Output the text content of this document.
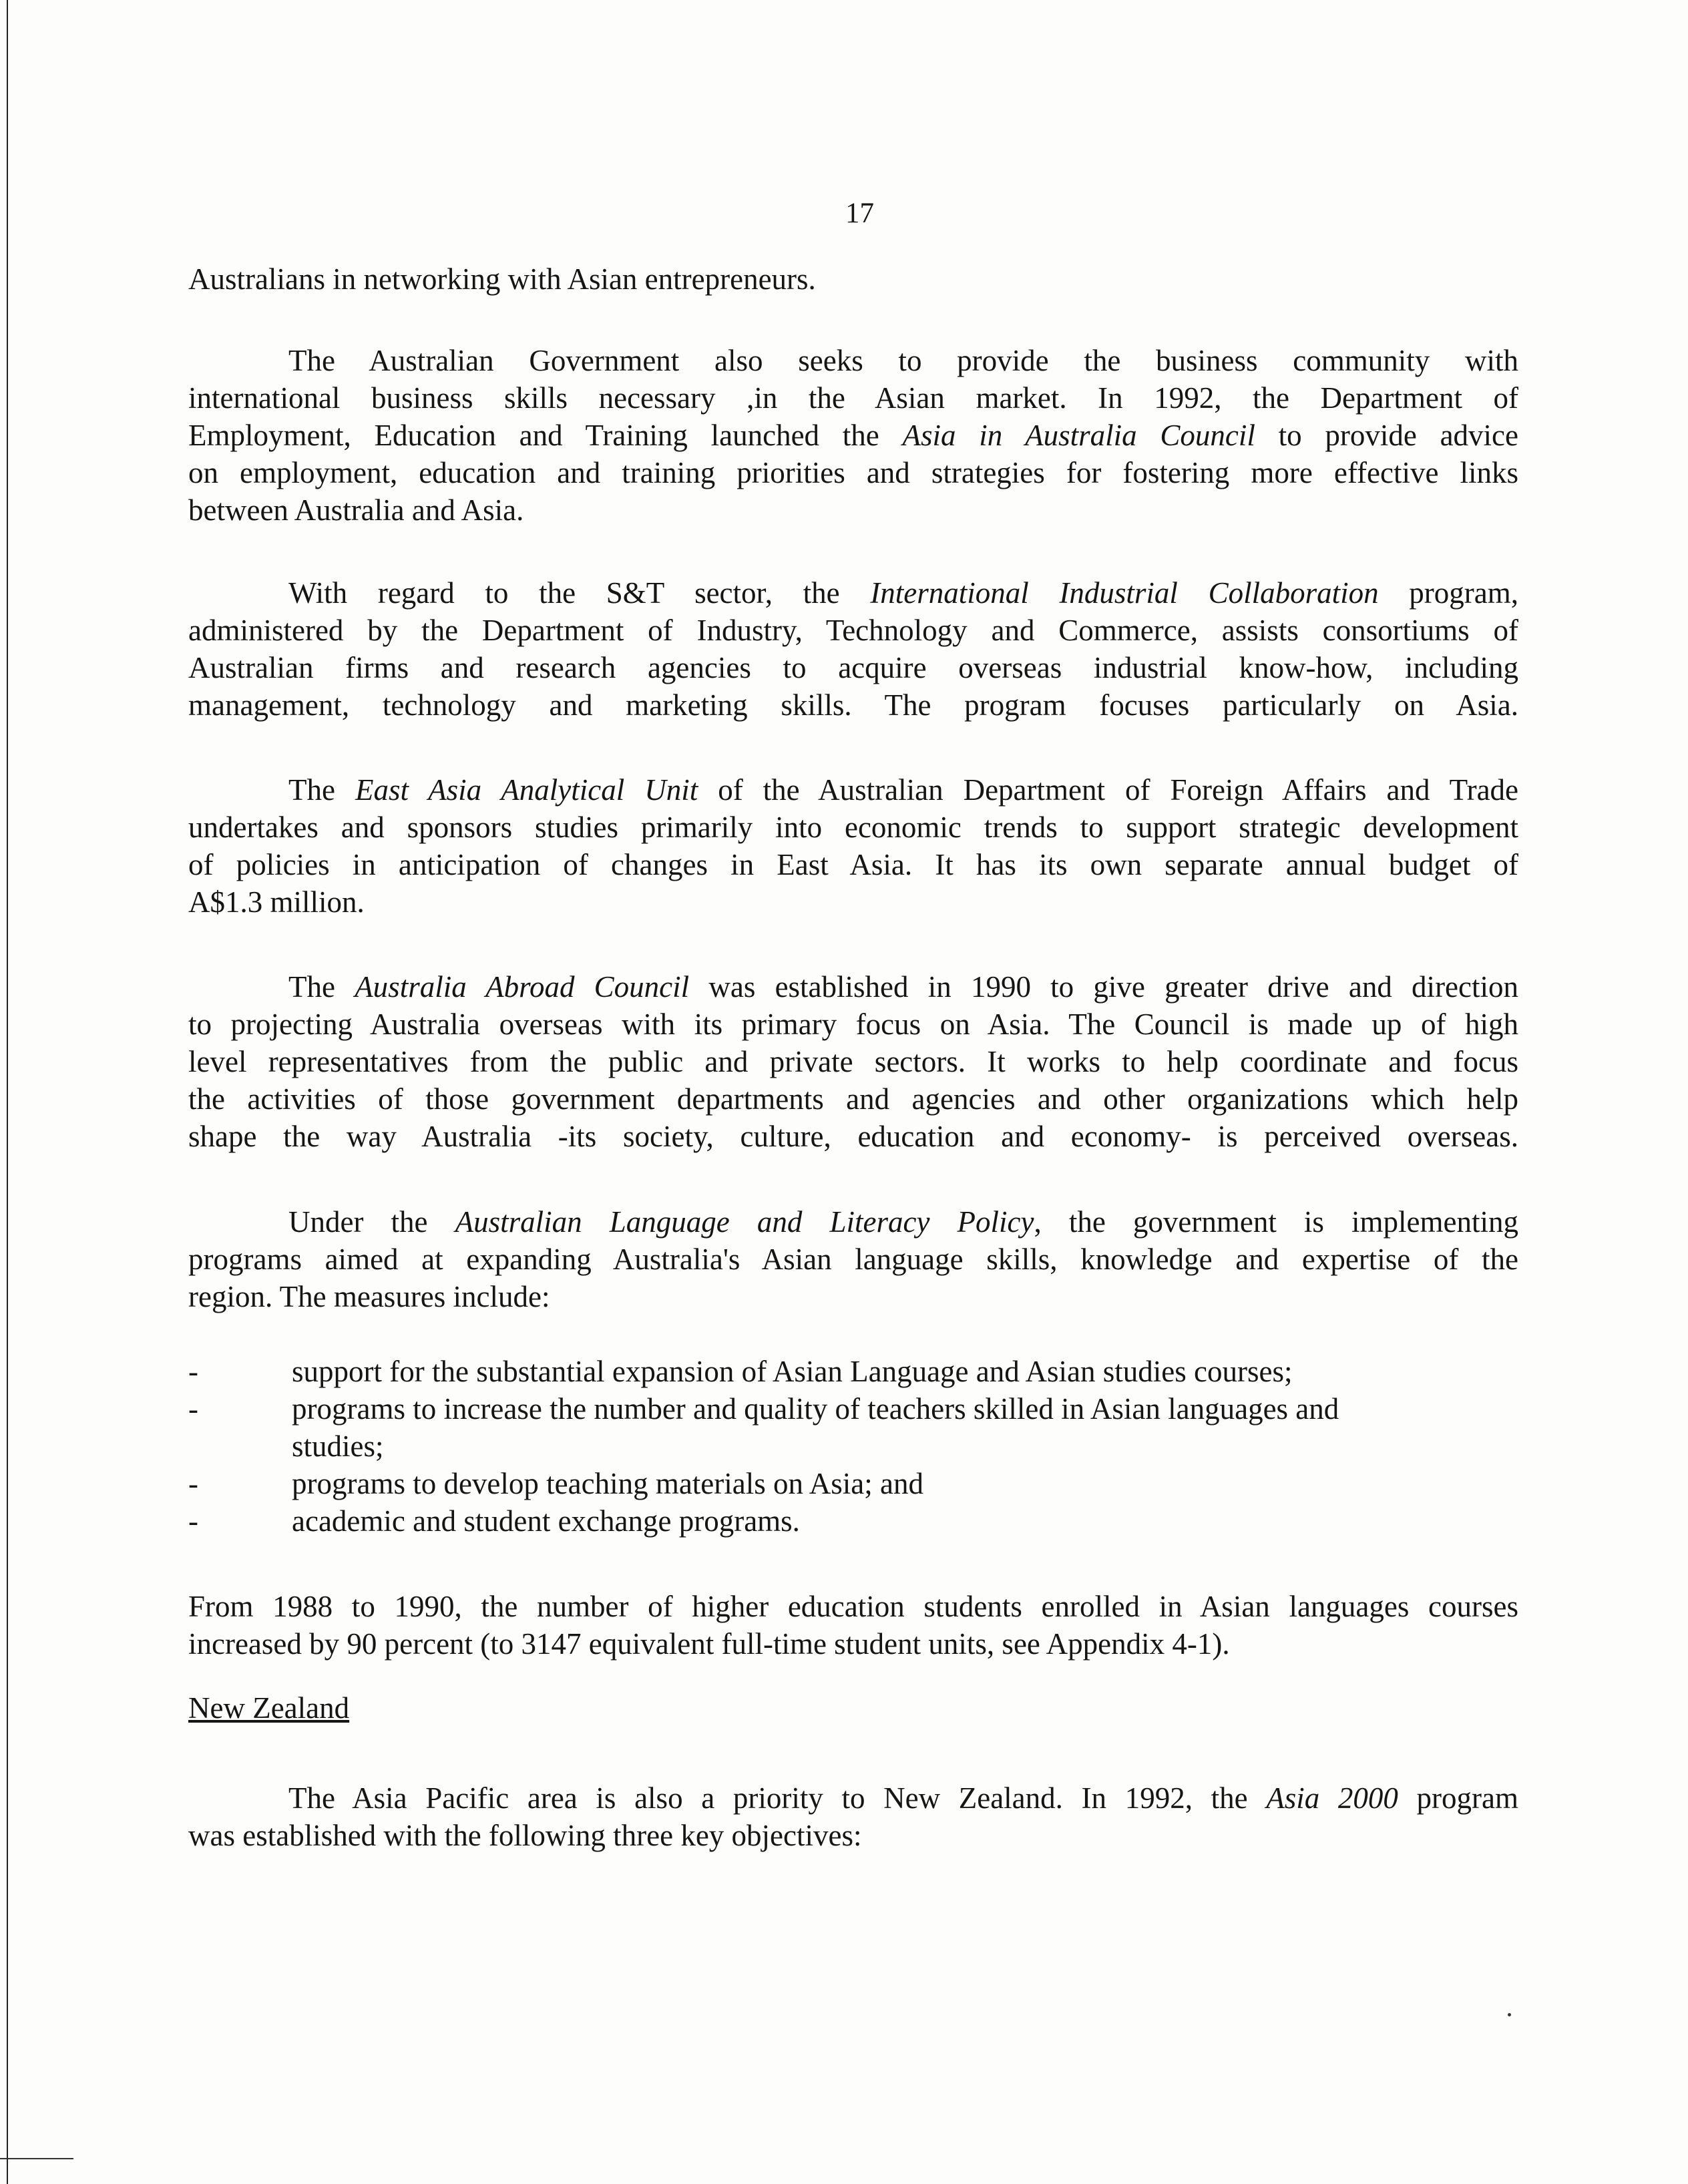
17
Australians in networking with Asian entrepreneurs.
The Australian Government also seeks to provide the business community with
international business skills necessary ,in the Asian market. In 1992, the Department of
Employment, Education and Training launched the Asia in Australia Council to provide advice
on employment, education and training priorities and strategies for fostering more effective links
between Australia and Asia.
With regard to the S&T sector, the International Industrial Collaboration program,
administered by the Department of Industry, Technology and Commerce, assists consortiums of
Australian firms and research agencies to acquire overseas industrial know-how, including
management, technology and marketing skills. The program focuses particularly on Asia.
The East Asia Analytical Unit of the Australian Department of Foreign Affairs and Trade
undertakes and sponsors studies primarily into economic trends to support strategic development
of policies in anticipation of changes in East Asia. It has its own separate annual budget of
A$1.3 million.
The Australia Abroad Council was established in 1990 to give greater drive and direction
to projecting Australia overseas with its primary focus on Asia. The Council is made up of high
level representatives from the public and private sectors. It works to help coordinate and focus
the activities of those government departments and agencies and other organizations which help
shape the way Australia -its society, culture, education and economy- is perceived overseas.
Under the Australian Language and Literacy Policy, the government is implementing
programs aimed at expanding Australia's Asian language skills, knowledge and expertise of the
region. The measures include:
-	support for the substantial expansion of Asian Language and Asian studies courses;
-	programs to increase the number and quality of teachers skilled in Asian languages and
studies;
-	programs to develop teaching materials on Asia; and
-	academic and student exchange programs.
From 1988 to 1990, the number of higher education students enrolled in Asian languages courses
increased by 90 percent (to 3147 equivalent full-time student units, see Appendix 4-1).
New Zealand
The Asia Pacific area is also a priority to New Zealand. In 1992, the Asia 2000 program
was established with the following three key objectives:
